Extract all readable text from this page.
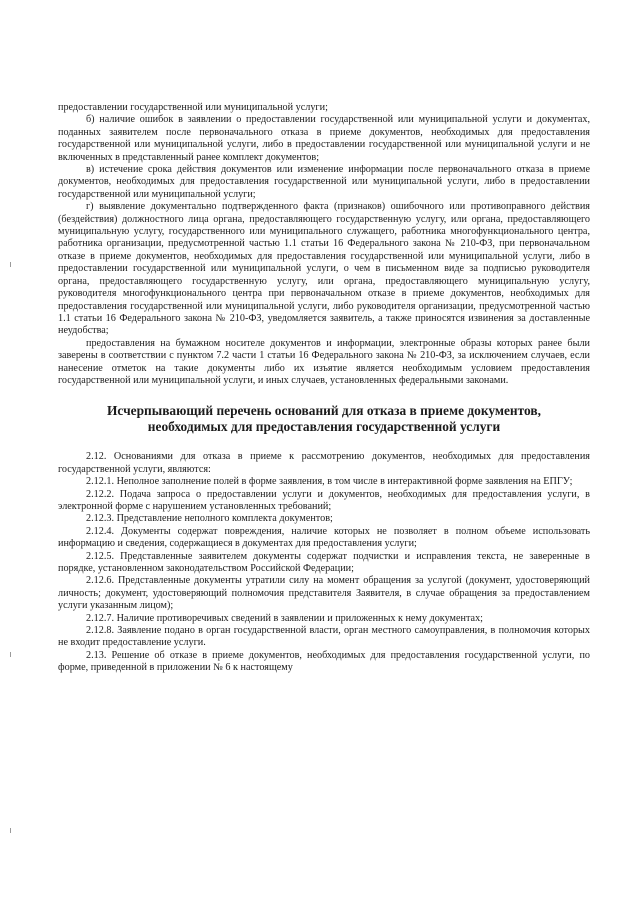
предоставлении государственной или муниципальной услуги;

б) наличие ошибок в заявлении о предоставлении государственной или муниципальной услуги и документах, поданных заявителем после первоначального отказа в приеме документов, необходимых для предоставления государственной или муниципальной услуги, либо в предоставлении государственной или муниципальной услуги и не включенных в представленный ранее комплект документов;

в) истечение срока действия документов или изменение информации после первоначального отказа в приеме документов, необходимых для предоставления государственной или муниципальной услуги, либо в предоставлении государственной или муниципальной услуги;

г) выявление документально подтвержденного факта (признаков) ошибочного или противоправного действия (бездействия) должностного лица органа, предоставляющего государственную услугу, или органа, предоставляющего муниципальную услугу, государственного или муниципального служащего, работника многофункционального центра, работника организации, предусмотренной частью 1.1 статьи 16 Федерального закона № 210-ФЗ, при первоначальном отказе в приеме документов, необходимых для предоставления государственной или муниципальной услуги, либо в предоставлении государственной или муниципальной услуги, о чем в письменном виде за подписью руководителя органа, предоставляющего государственную услугу, или органа, предоставляющего муниципальную услугу, руководителя многофункционального центра при первоначальном отказе в приеме документов, необходимых для предоставления государственной или муниципальной услуги, либо руководителя организации, предусмотренной частью 1.1 статьи 16 Федерального закона № 210-ФЗ, уведомляется заявитель, а также приносятся извинения за доставленные неудобства;

предоставления на бумажном носителе документов и информации, электронные образы которых ранее были заверены в соответствии с пунктом 7.2 части 1 статьи 16 Федерального закона № 210-ФЗ, за исключением случаев, если нанесение отметок на такие документы либо их изъятие является необходимым условием предоставления государственной или муниципальной услуги, и иных случаев, установленных федеральными законами.

Исчерпывающий перечень оснований для отказа в приеме документов,
необходимых для предоставления государственной услуги

2.12. Основаниями для отказа в приеме к рассмотрению документов, необходимых для предоставления государственной услуги, являются:

2.12.1. Неполное заполнение полей в форме заявления, в том числе в интерактивной форме заявления на ЕПГУ;

2.12.2. Подача запроса о предоставлении услуги и документов, необходимых для предоставления услуги, в электронной форме с нарушением установленных требований;

2.12.3. Представление неполного комплекта документов;

2.12.4. Документы содержат повреждения, наличие которых не позволяет в полном объеме использовать информацию и сведения, содержащиеся в документах для предоставления услуги;

2.12.5. Представленные заявителем документы содержат подчистки и исправления текста, не заверенные в порядке, установленном законодательством Российской Федерации;

2.12.6. Представленные документы утратили силу на момент обращения за услугой (документ, удостоверяющий личность; документ, удостоверяющий полномочия представителя Заявителя, в случае обращения за предоставлением услуги указанным лицом);

2.12.7. Наличие противоречивых сведений в заявлении и приложенных к нему документах;

2.12.8. Заявление подано в орган государственной власти, орган местного самоуправления, в полномочия которых не входит предоставление услуги.

2.13. Решение об отказе в приеме документов, необходимых для предоставления государственной услуги, по форме, приведенной в приложении № 6 к настоящему
